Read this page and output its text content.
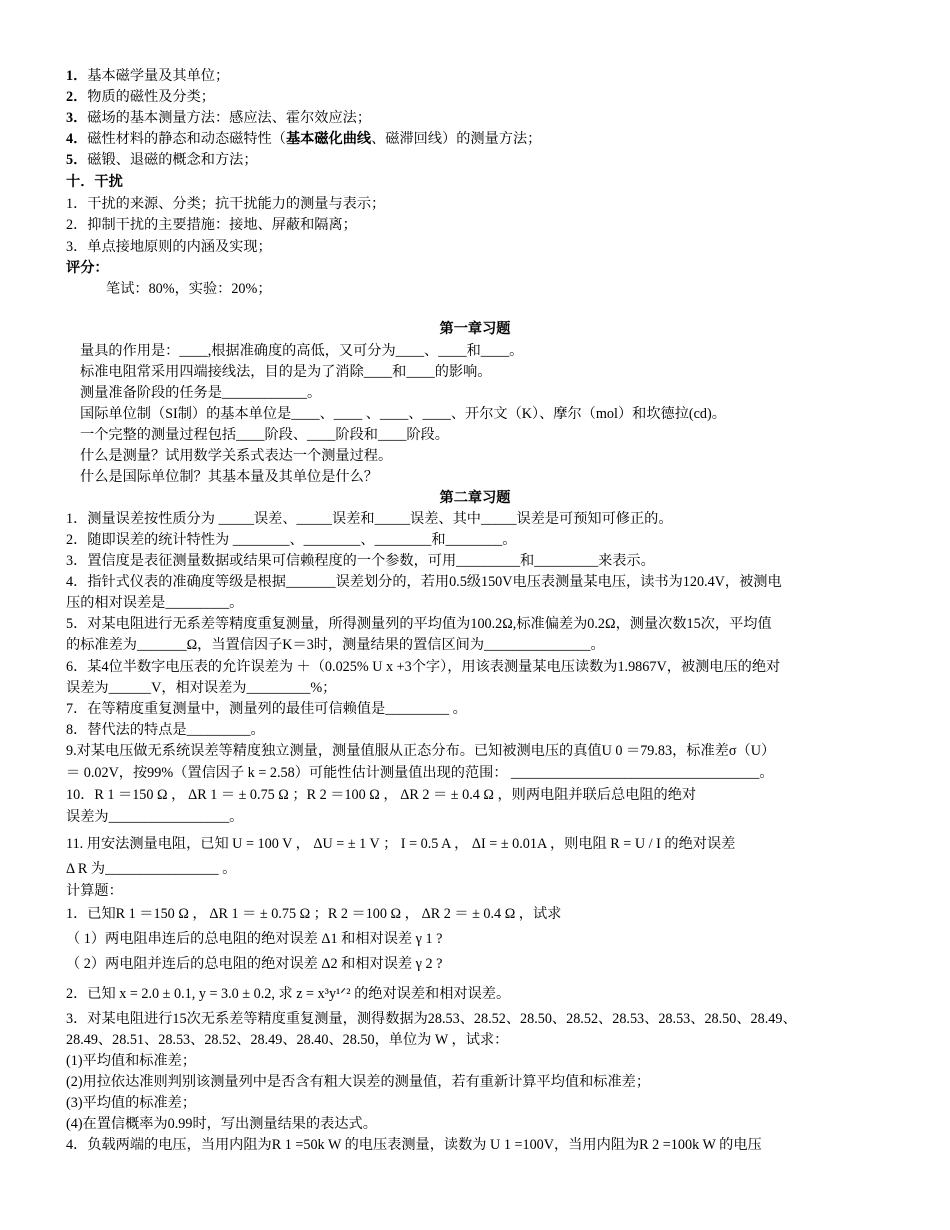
1．基本磁学量及其单位；
2．物质的磁性及分类；
3．磁场的基本测量方法：感应法、霍尔效应法；
4．磁性材料的静态和动态磁特性（基本磁化曲线、磁滞回线）的测量方法；
5．磁锻、退磁的概念和方法；
十．干扰
1．干扰的来源、分类；抗干扰能力的测量与表示；
2．抑制干扰的主要措施：接地、屏蔽和隔离；
3．单点接地原则的内涵及实现；
评分：
笔试：80%，实验：20%；
第一章习题
量具的作用是：____,根据准确度的高低，又可分为____、____和____。
标准电阻常采用四端接线法，目的是为了消除____和____的影响。
测量准备阶段的任务是____________。
国际单位制（SI制）的基本单位是____、____ 、____、____、开尔文（K）、摩尔（mol）和坎德拉(cd)。
一个完整的测量过程包括____阶段、____阶段和____阶段。
什么是测量？试用数学关系式表达一个测量过程。
什么是国际单位制？其基本量及其单位是什么？
第二章习题
1．测量误差按性质分为 _____误差、_____误差和_____误差、其中_____误差是可预知可修正的。
2．随即误差的统计特性为 ________、________、________和________。
3．置信度是表征测量数据或结果可信赖程度的一个参数，可用_________和_________来表示。
4．指针式仪表的准确度等级是根据_______误差划分的，若用0.5级150V电压表测量某电压，读书为120.4V，被测电
压的相对误差是_________。
5．对某电阻进行无系差等精度重复测量，所得测量列的平均值为100.2Ω,标准偏差为0.2Ω，测量次数15次，平均值
的标准差为_______Ω，当置信因子K＝3时，测量结果的置信区间为_______________。
6．某4位半数字电压表的允许误差为 ＋（0.025% U x +3个字），用该表测量某电压读数为1.9867V，被测电压的绝对
误差为______V，相对误差为_________%；
7．在等精度重复测量中，测量列的最佳可信赖值是_________ 。
8．替代法的特点是_________。
9.对某电压做无系统误差等精度独立测量，测量值服从正态分布。已知被测电压的真值U 0 ＝79.83，标准差σ（U）
＝ 0.02V，按99%（置信因子 k = 2.58）可能性估计测量值出现的范围： ___________________________________。
10．R 1 ＝150 Ω ， ΔR 1 ＝ ± 0.75 Ω ；R 2 ＝100 Ω ， ΔR 2 ＝ ± 0.4 Ω ，则两电阻并联后总电阻的绝对
误差为_________________。
11. 用安法测量电阻，已知 U = 100 V ， ΔU = ± 1 V ； I = 0.5 A ， ΔI = ± 0.01A ，则电阻 R = U / I 的绝对误差
Δ R 为________________ 。
计算题：
1．已知R 1 ＝150 Ω ， ΔR 1 ＝ ± 0.75 Ω ；R 2 ＝100 Ω ， ΔR 2 ＝ ± 0.4 Ω ，试求
（ 1）两电阻串连后的总电阻的绝对误差 Δ1 和相对误差 γ 1 ?
（ 2）两电阻并连后的总电阻的绝对误差 Δ2 和相对误差 γ 2 ?
2．已知 x = 2.0 ± 0.1, y = 3.0 ± 0.2, 求 z = x³y¹ᐟ² 的绝对误差和相对误差。
3．对某电阻进行15次无系差等精度重复测量，测得数据为28.53、28.52、28.50、28.52、28.53、28.53、28.50、28.49、
28.49、28.51、28.53、28.52、28.49、28.40、28.50，单位为 W ，试求：
(1)平均值和标准差；
(2)用拉依达准则判别该测量列中是否含有粗大误差的测量值，若有重新计算平均值和标准差；
(3)平均值的标准差；
(4)在置信概率为0.99时，写出测量结果的表达式。
4．负载两端的电压，当用内阻为R 1 =50k W 的电压表测量，读数为 U 1 =100V，当用内阻为R 2 =100k W 的电压
